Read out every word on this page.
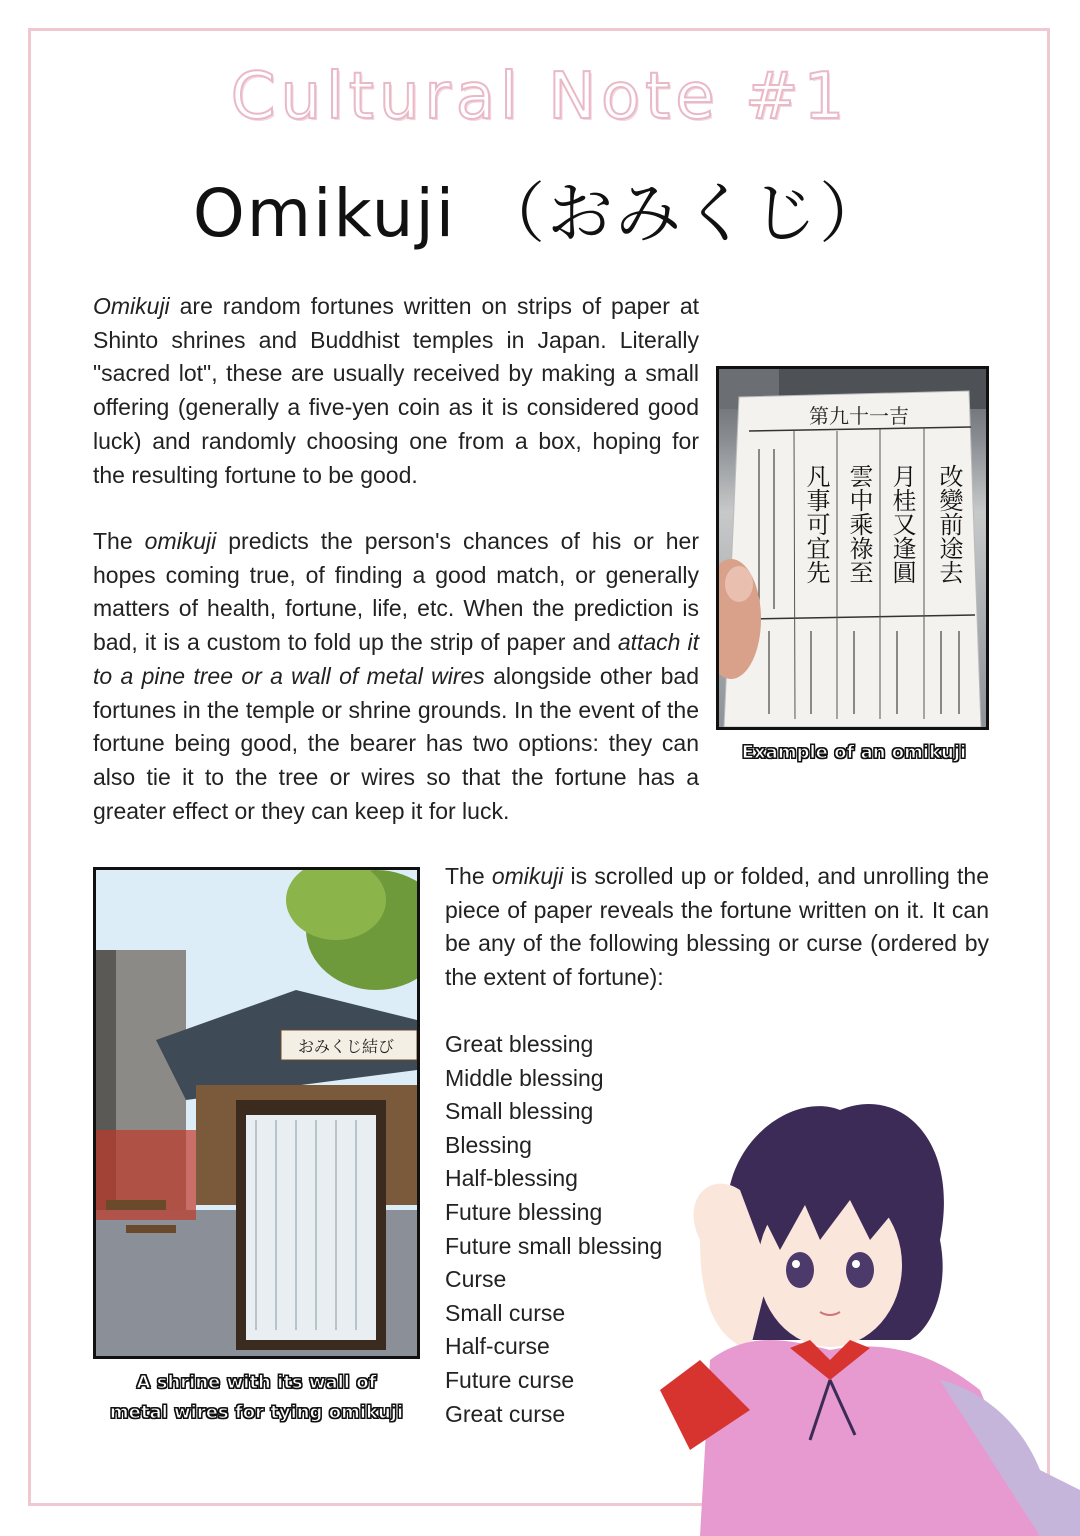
Cultural Note #1
Omikuji （おみくじ）

Omikuji are random fortunes written on strips of paper at Shinto shrines and Buddhist temples in Japan. Literally "sacred lot", these are usually received by making a small offering (generally a five-yen coin as it is considered good luck) and randomly choosing one from a box, hoping for the resulting fortune to be good.

The omikuji predicts the person's chances of his or her hopes coming true, of finding a good match, or generally matters of health, fortune, life, etc. When the prediction is bad, it is a custom to fold up the strip of paper and attach it to a pine tree or a wall of metal wires alongside other bad fortunes in the temple or shrine grounds. In the event of the fortune being good, the bearer has two options: they can also tie it to the tree or wires so that the fortune has a greater effect or they can keep it for luck.

第九十一吉
改變前途去
月桂又逢圓
雲中乘祿至
凡事可宜先
Example of an omikuji
おみくじ結び
A shrine with its wall of
metal wires for tying omikuji

The omikuji is scrolled up or folded, and unrolling the piece of paper reveals the fortune written on it. It can be any of the following blessing or curse (ordered by the extent of fortune):

Great blessing
Middle blessing
Small blessing
Blessing
Half-blessing
Future blessing
Future small blessing
Curse
Small curse
Half-curse
Future curse
Great curse
